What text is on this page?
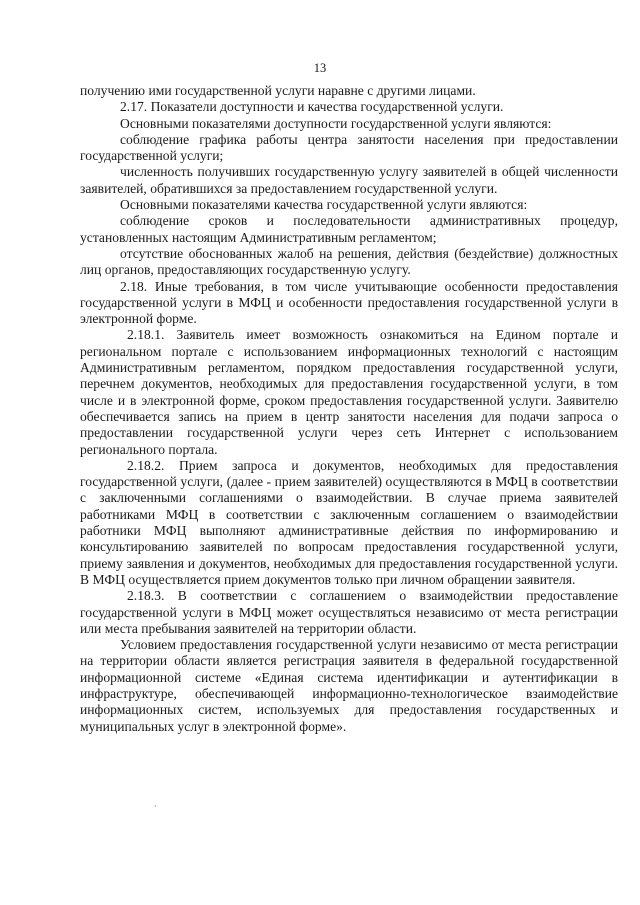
13

получению ими государственной услуги наравне с другими лицами.

2.17. Показатели доступности и качества государственной услуги.

Основными показателями доступности государственной услуги являются:

соблюдение графика работы центра занятости населения при предоставлении государственной услуги;

численность получивших государственную услугу заявителей в общей численности заявителей, обратившихся за предоставлением государственной услуги.

Основными показателями качества государственной услуги являются:

соблюдение сроков и последовательности административных процедур, установленных настоящим Административным регламентом;

отсутствие обоснованных жалоб на решения, действия (бездействие) должностных лиц органов, предоставляющих государственную услугу.

2.18. Иные требования, в том числе учитывающие особенности предоставления государственной услуги в МФЦ и особенности предоставления государственной услуги в электронной форме.

2.18.1. Заявитель имеет возможность ознакомиться на Едином портале и региональном портале с использованием информационных технологий с настоящим Административным регламентом, порядком предоставления государственной услуги, перечнем документов, необходимых для предоставления государственной услуги, в том числе и в электронной форме, сроком предоставления государственной услуги. Заявителю обеспечивается запись на прием в центр занятости населения для подачи запроса о предоставлении государственной услуги через сеть Интернет с использованием регионального портала.

2.18.2. Прием запроса и документов, необходимых для предоставления государственной услуги, (далее - прием заявителей) осуществляются в МФЦ в соответствии с заключенными соглашениями о взаимодействии. В случае приема заявителей работниками МФЦ в соответствии с заключенным соглашением о взаимодействии работники МФЦ выполняют административные действия по информированию и консультированию заявителей по вопросам предоставления государственной услуги, приему заявления и документов, необходимых для предоставления государственной услуги. В МФЦ осуществляется прием документов только при личном обращении заявителя.

2.18.3. В соответствии с соглашением о взаимодействии предоставление государственной услуги в МФЦ может осуществляться независимо от места регистрации или места пребывания заявителей на территории области.

Условием предоставления государственной услуги независимо от места регистрации на территории области является регистрация заявителя в федеральной государственной информационной системе «Единая система идентификации и аутентификации в инфраструктуре, обеспечивающей информационно-технологическое взаимодействие информационных систем, используемых для предоставления государственных и муниципальных услуг в электронной форме».

ˎ
